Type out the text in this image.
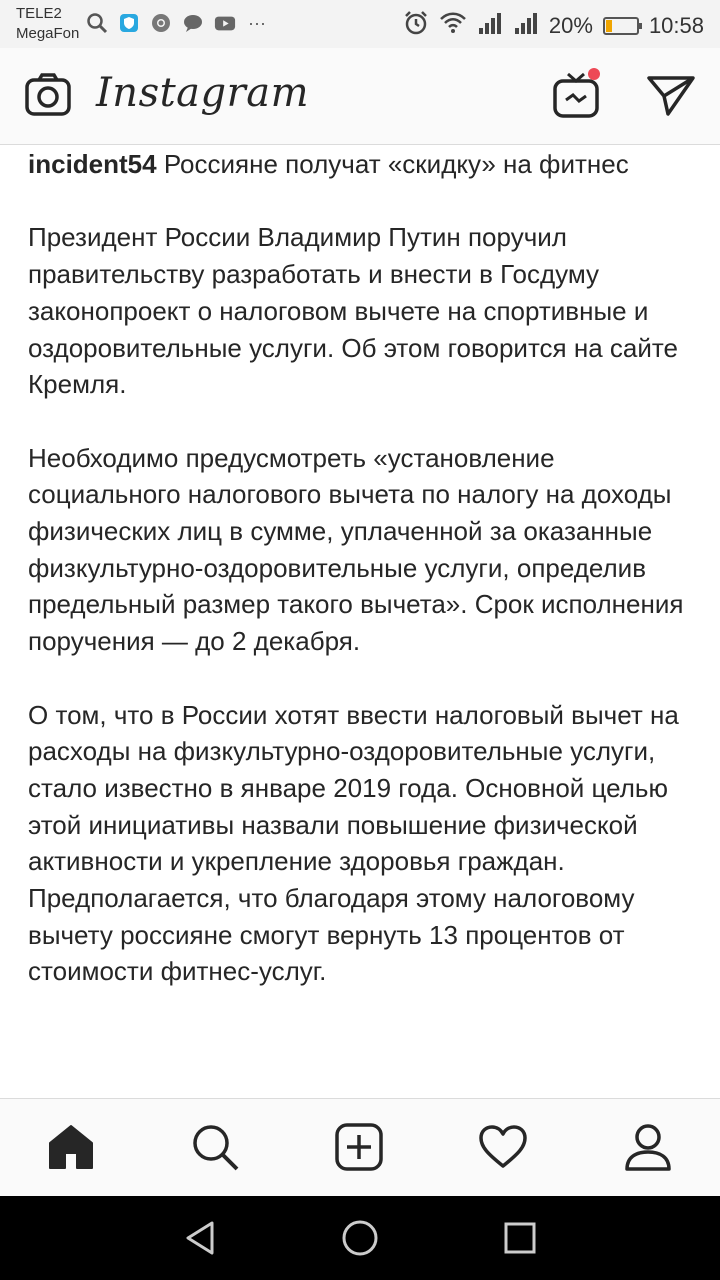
TELE2
MegaFon
···	20%	10:58
Instagram

incident54 Россияне получат «скидку» на фитнес

Президент России Владимир Путин поручил правительству разработать и внести в Госдуму законопроект о налоговом вычете на спортивные и оздоровительные услуги. Об этом говорится на сайте Кремля.

Необходимо предусмотреть «установление социального налогового вычета по налогу на доходы физических лиц в сумме, уплаченной за оказанные физкультурно-оздоровительные услуги, определив предельный размер такого вычета». Срок исполнения поручения — до 2 декабря.

О том, что в России хотят ввести налоговый вычет на расходы на физкультурно-оздоровительные услуги, стало известно в январе 2019 года. Основной целью этой инициативы назвали повышение физической активности и укрепление здоровья граждан. Предполагается, что благодаря этому налоговому вычету россияне смогут вернуть 13 процентов от стоимости фитнес-услуг.
